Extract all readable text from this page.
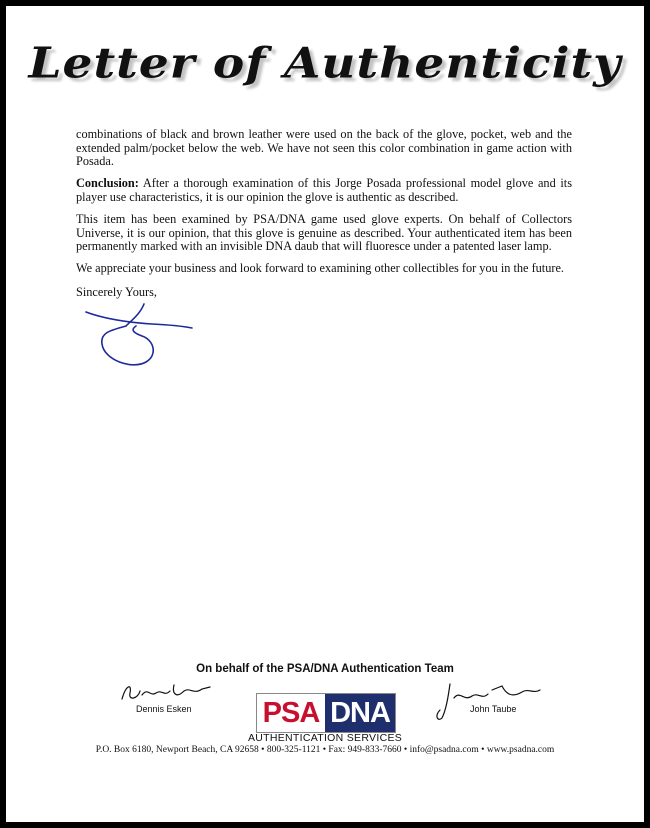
Letter of Authenticity

combinations of black and brown leather were used on the back of the glove, pocket, web and the extended palm/pocket below the web. We have not seen this color combination in game action with Posada.

Conclusion: After a thorough examination of this Jorge Posada professional model glove and its player use characteristics, it is our opinion the glove is authentic as described.

This item has been examined by PSA/DNA game used glove experts. On behalf of Collectors Universe, it is our opinion, that this glove is genuine as described. Your authenticated item has been permanently marked with an invisible DNA daub that will fluoresce under a patented laser lamp.

We appreciate your business and look forward to examining other collectibles for you in the future.

Sincerely Yours,

On behalf of the PSA/DNA Authentication Team
Dennis Esken	John Taube
PSA DNA
AUTHENTICATION SERVICES
P.O. Box 6180, Newport Beach, CA 92658 • 800-325-1121 • Fax: 949-833-7660 • info@psadna.com • www.psadna.com
